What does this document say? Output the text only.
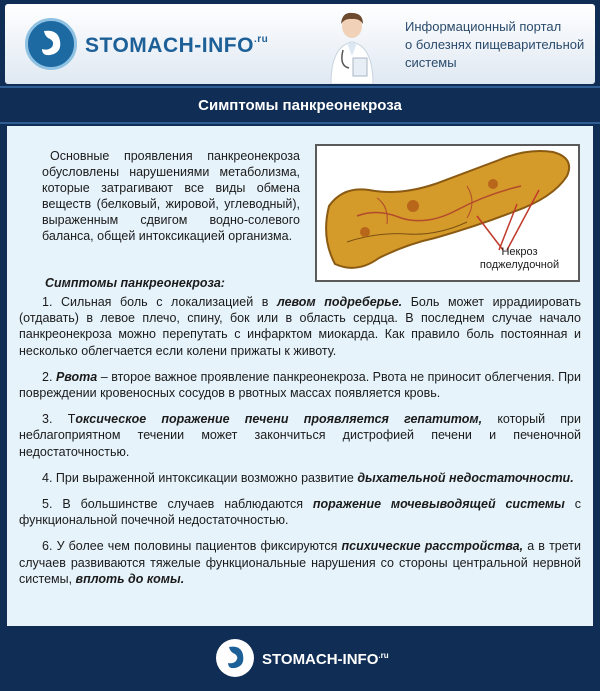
STOMACH-$INFO^{.ru}$
Информационный портал
о болезнях пищеварительной
системы
Симптомы панкреонекроза
Основные проявления панкреонекроза обусловлены нарушениями метаболизма, которые затрагивают все виды обмена веществ (белковый, жировой, углеводный), выраженным сдвигом водно-солевого баланса, общей интоксикацией организма.
Некроз
поджелудочной
Симптомы панкреонекроза:
1. Сильная боль с локализацией в левом подреберье. Боль может иррадиировать (отдавать) в левое плечо, спину, бок или в область сердца. В последнем случае начало панкреонекроза можно перепутать с инфарктом миокарда. Как правило боль постоянная и несколько облегчается если колени прижаты к животу.
2. Рвота – второе важное проявление панкреонекроза. Рвота не приносит облегчения. При повреждении кровеносных сосудов в рвотных массах появляется кровь.
3. Токсическое поражение печени проявляется гепатитом, который при неблагоприятном течении может закончиться дистрофией печени и печеночной недостаточностью.
4. При выраженной интоксикации возможно развитие дыхательной недостаточности.
5. В большинстве случаев наблюдаются поражение мочевыводящей системы с функциональной почечной недостаточностью.
6. У более чем половины пациентов фиксируются психические расстройства, а в трети случаев развиваются тяжелые функциональные нарушения со стороны центральной нервной системы, вплоть до комы.
STOMACH-$INFO^{.ru}$
